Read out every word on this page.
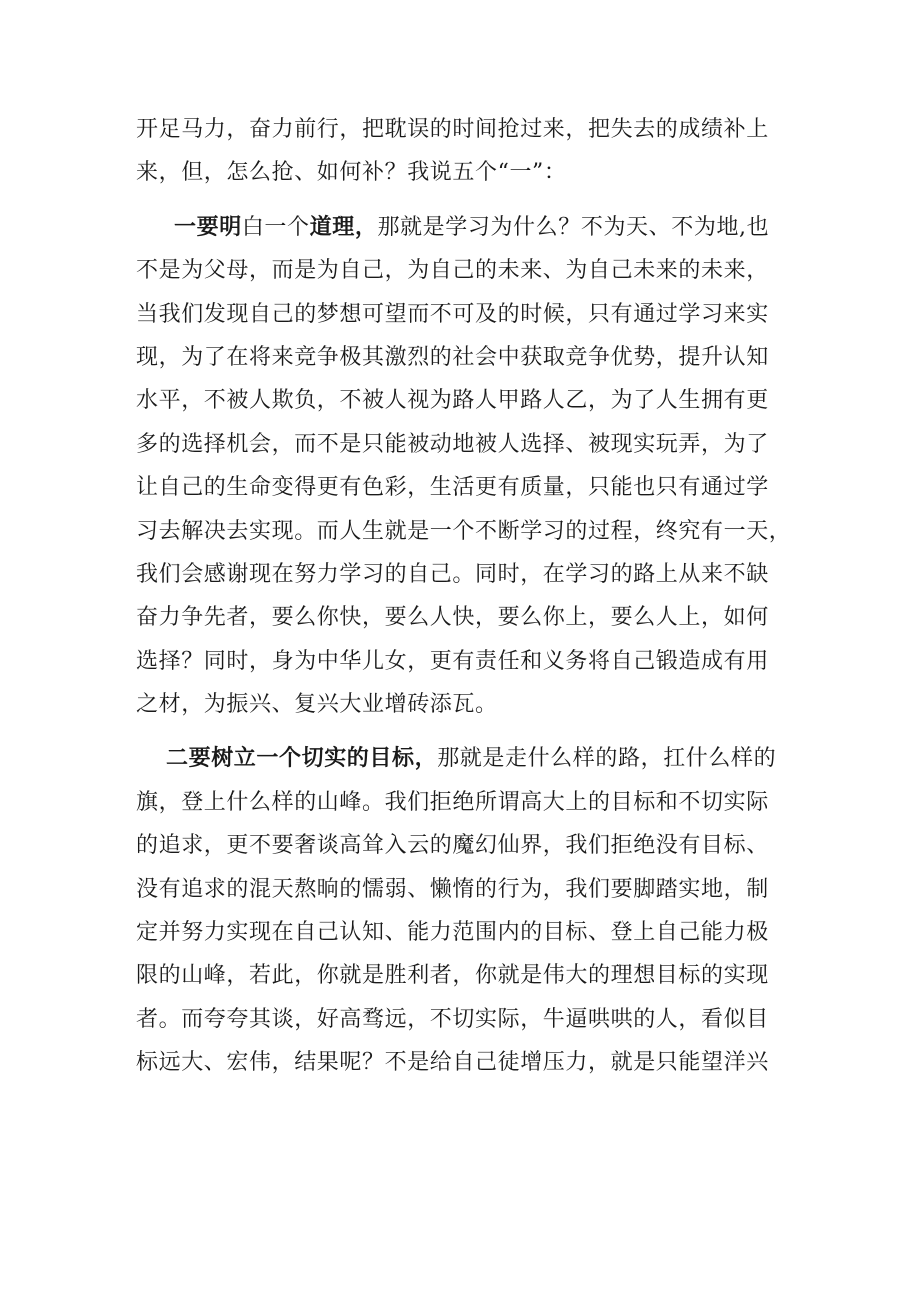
开足马力，奋力前行，把耽误的时间抢过来，把失去的成绩补上
来，但，怎么抢、如何补？我说五个“一”：
一要明白一个道理，那就是学习为什么？不为天、不为地,也
不是为父母，而是为自己，为自己的未来、为自己未来的未来，
当我们发现自己的梦想可望而不可及的时候，只有通过学习来实
现，为了在将来竞争极其激烈的社会中获取竞争优势，提升认知
水平，不被人欺负，不被人视为路人甲路人乙，为了人生拥有更
多的选择机会，而不是只能被动地被人选择、被现实玩弄，为了
让自己的生命变得更有色彩，生活更有质量，只能也只有通过学
习去解决去实现。而人生就是一个不断学习的过程，终究有一天，
我们会感谢现在努力学习的自己。同时，在学习的路上从来不缺
奋力争先者，要么你快，要么人快，要么你上，要么人上，如何
选择？同时，身为中华儿女，更有责任和义务将自己锻造成有用
之材，为振兴、复兴大业增砖添瓦。
二要树立一个切实的目标，那就是走什么样的路，扛什么样的
旗，登上什么样的山峰。我们拒绝所谓高大上的目标和不切实际
的追求，更不要奢谈高耸入云的魔幻仙界，我们拒绝没有目标、
没有追求的混天熬晌的懦弱、懒惰的行为，我们要脚踏实地，制
定并努力实现在自己认知、能力范围内的目标、登上自己能力极
限的山峰，若此，你就是胜利者，你就是伟大的理想目标的实现
者。而夸夸其谈，好高骛远，不切实际，牛逼哄哄的人，看似目
标远大、宏伟，结果呢？不是给自己徒增压力，就是只能望洋兴
